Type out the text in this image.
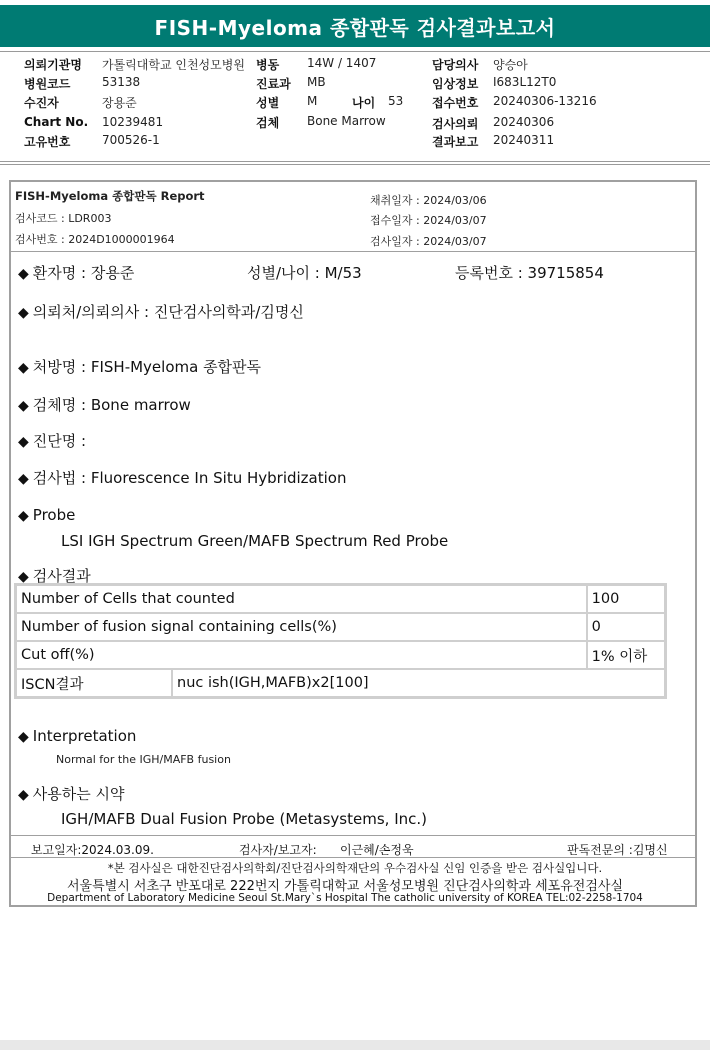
FISH-Myeloma 종합판독 검사결과보고서
의뢰기관명 가톨릭대학교 인천성모병원
병원코드	53138
수진자	장용준
Chart No. 10239481
고유번호	700526-1
병동 14W / 1407
진료과 MB
성별 M	나이 53
검체 Bone Marrow
담당의사 양승아
임상정보 I683L12T0
접수번호 20240306-13216
검사의뢰 20240306
결과보고 20240311
FISH-Myeloma 종합판독 Report
검사코드 : LDR003
검사번호 : 2024D1000001964
채취일자 : 2024/03/06
접수일자 : 2024/03/07
검사일자 : 2024/03/07
◆ 환자명 : 장용준	성별/나이 : M/53	등록번호 : 39715854
◆ 의뢰처/의뢰의사 : 진단검사의학과/김명신
◆ 처방명 : FISH-Myeloma 종합판독
◆ 검체명 : Bone marrow
◆ 진단명 :
◆ 검사법 : Fluorescence In Situ Hybridization
◆ Probe
LSI IGH Spectrum Green/MAFB Spectrum Red Probe
◆ 검사결과
Number of Cells that counted		100
Number of fusion signal containing cells(%)		0
Cut off(%)		1% 이하
ISCN결과	nuc ish(IGH,MAFB)x2[100]	
◆ Interpretation
Normal for the IGH/MAFB fusion
◆ 사용하는 시약
IGH/MAFB Dual Fusion Probe (Metasystems, Inc.)
보고일자:2024.03.09.	검사자/보고자: 이근혜/손정욱	판독전문의 :김명신
*본 검사실은 대한진단검사의학회/진단검사의학재단의 우수검사실 신임 인증을 받은 검사실입니다.
서울특별시 서초구 반포대로 222번지 가톨릭대학교 서울성모병원 진단검사의학과 세포유전검사실
Department of Laboratory Medicine Seoul St.Mary`s Hospital The catholic university of KOREA TEL:02-2258-1704
